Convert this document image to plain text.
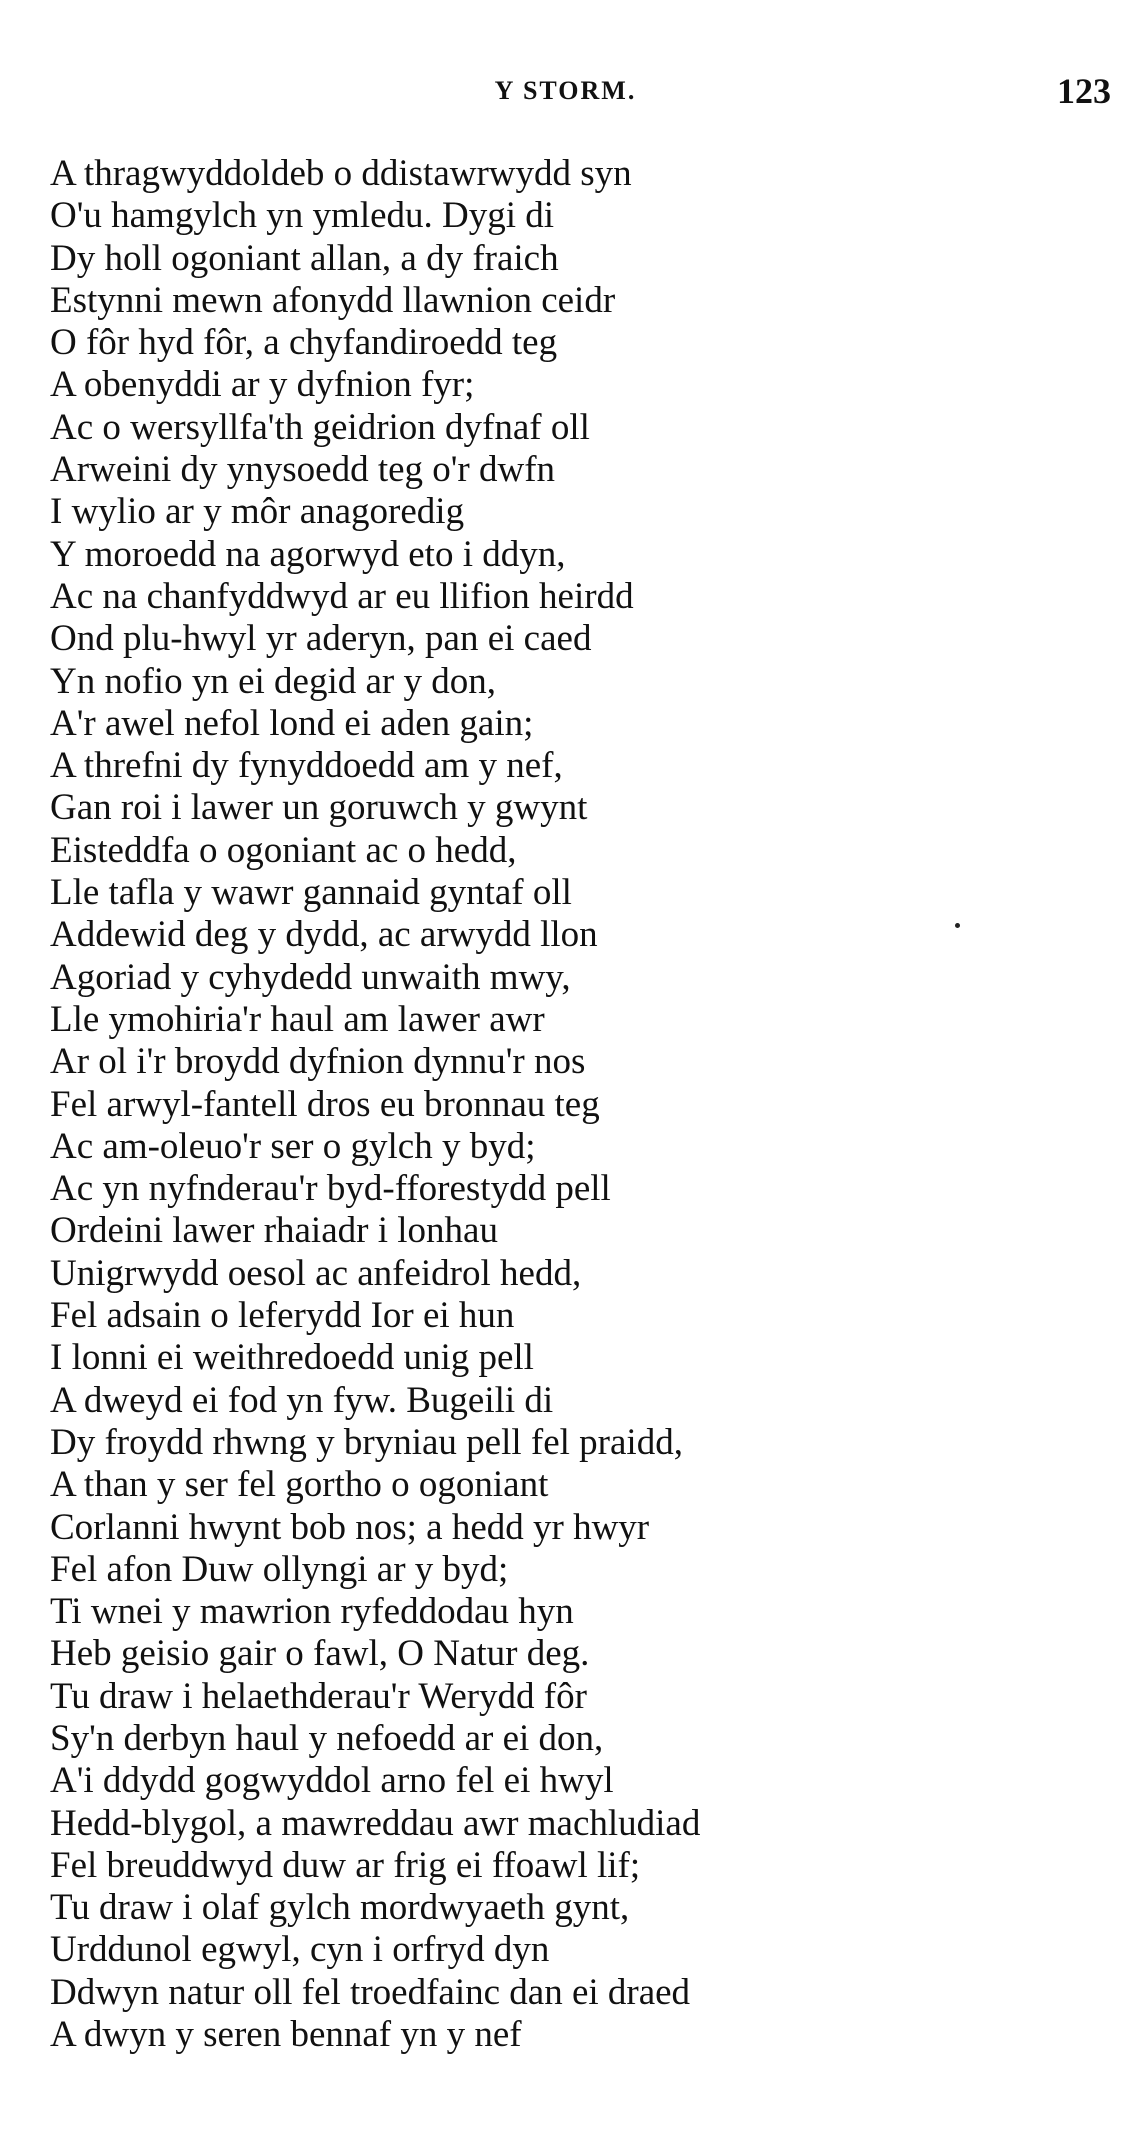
Y STORM.	123
A thragwyddoldeb o ddistawrwydd syn
O'u hamgylch yn ymledu. Dygi di
Dy holl ogoniant allan, a dy fraich
Estynni mewn afonydd llawnion ceidr
O fôr hyd fôr, a chyfandiroedd teg
A obenyddi ar y dyfnion fyr;
Ac o wersyllfa'th geidrion dyfnaf oll
Arweini dy ynysoedd teg o'r dwfn
I wylio ar y môr anagoredig
Y moroedd na agorwyd eto i ddyn,
Ac na chanfyddwyd ar eu llifion heirdd
Ond plu-hwyl yr aderyn, pan ei caed
Yn nofio yn ei degid ar y don,
A'r awel nefol lond ei aden gain;
A threfni dy fynyddoedd am y nef,
Gan roi i lawer un goruwch y gwynt
Eisteddfa o ogoniant ac o hedd,
Lle tafla y wawr gannaid gyntaf oll
Addewid deg y dydd, ac arwydd llon
Agoriad y cyhydedd unwaith mwy,
Lle ymohiria'r haul am lawer awr
Ar ol i'r broydd dyfnion dynnu'r nos
Fel arwyl-fantell dros eu bronnau teg
Ac am-oleuo'r ser o gylch y byd;
Ac yn nyfnderau'r byd-fforestydd pell
Ordeini lawer rhaiadr i lonhau
Unigrwydd oesol ac anfeidrol hedd,
Fel adsain o leferydd Ior ei hun
I lonni ei weithredoedd unig pell
A dweyd ei fod yn fyw. Bugeili di
Dy froydd rhwng y bryniau pell fel praidd,
A than y ser fel gortho o ogoniant
Corlanni hwynt bob nos; a hedd yr hwyr
Fel afon Duw ollyngi ar y byd;
Ti wnei y mawrion ryfeddodau hyn
Heb geisio gair o fawl, O Natur deg.
Tu draw i helaethderau'r Werydd fôr
Sy'n derbyn haul y nefoedd ar ei don,
A'i ddydd gogwyddol arno fel ei hwyl
Hedd-blygol, a mawreddau awr machludiad
Fel breuddwyd duw ar frig ei ffoawl lif;
Tu draw i olaf gylch mordwyaeth gynt,
Urddunol egwyl, cyn i orfryd dyn
Ddwyn natur oll fel troedfainc dan ei draed
A dwyn y seren bennaf yn y nef
